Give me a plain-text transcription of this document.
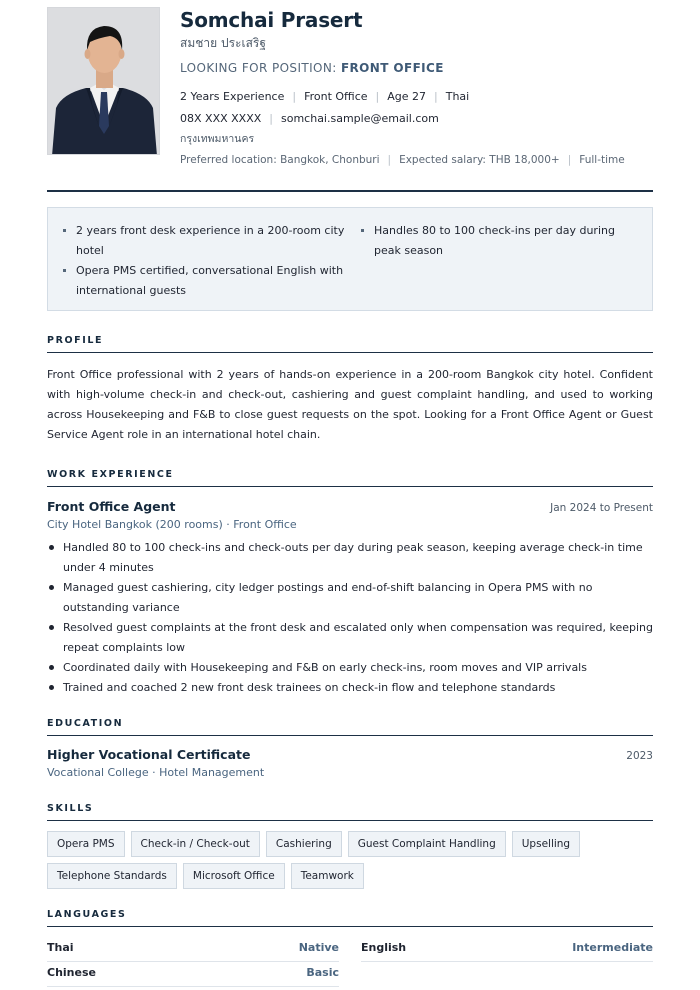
Somchai Prasert
สมชาย ประเสริฐ
LOOKING FOR POSITION: FRONT OFFICE
2 Years Experience | Front Office | Age 27 | Thai
08X XXX XXXX | somchai.sample@email.com
กรุงเทพมหานคร
Preferred location: Bangkok, Chonburi | Expected salary: THB 18,000+ | Full-time
2 years front desk experience in a 200-room city hotel
Opera PMS certified, conversational English with international guests
Handles 80 to 100 check-ins per day during peak season
PROFILE
Front Office professional with 2 years of hands-on experience in a 200-room Bangkok city hotel. Confident with high-volume check-in and check-out, cashiering and guest complaint handling, and used to working across Housekeeping and F&B to close guest requests on the spot. Looking for a Front Office Agent or Guest Service Agent role in an international hotel chain.
WORK EXPERIENCE
Front Office Agent	Jan 2024 to Present
City Hotel Bangkok (200 rooms) · Front Office
Handled 80 to 100 check-ins and check-outs per day during peak season, keeping average check-in time under 4 minutes
Managed guest cashiering, city ledger postings and end-of-shift balancing in Opera PMS with no outstanding variance
Resolved guest complaints at the front desk and escalated only when compensation was required, keeping repeat complaints low
Coordinated daily with Housekeeping and F&B on early check-ins, room moves and VIP arrivals
Trained and coached 2 new front desk trainees on check-in flow and telephone standards
EDUCATION
Higher Vocational Certificate	2023
Vocational College · Hotel Management
SKILLS
Opera PMS	Check-in / Check-out	Cashiering	Guest Complaint Handling	Upselling
Telephone Standards	Microsoft Office	Teamwork
LANGUAGES
Thai	Native
Chinese	Basic
English	Intermediate
